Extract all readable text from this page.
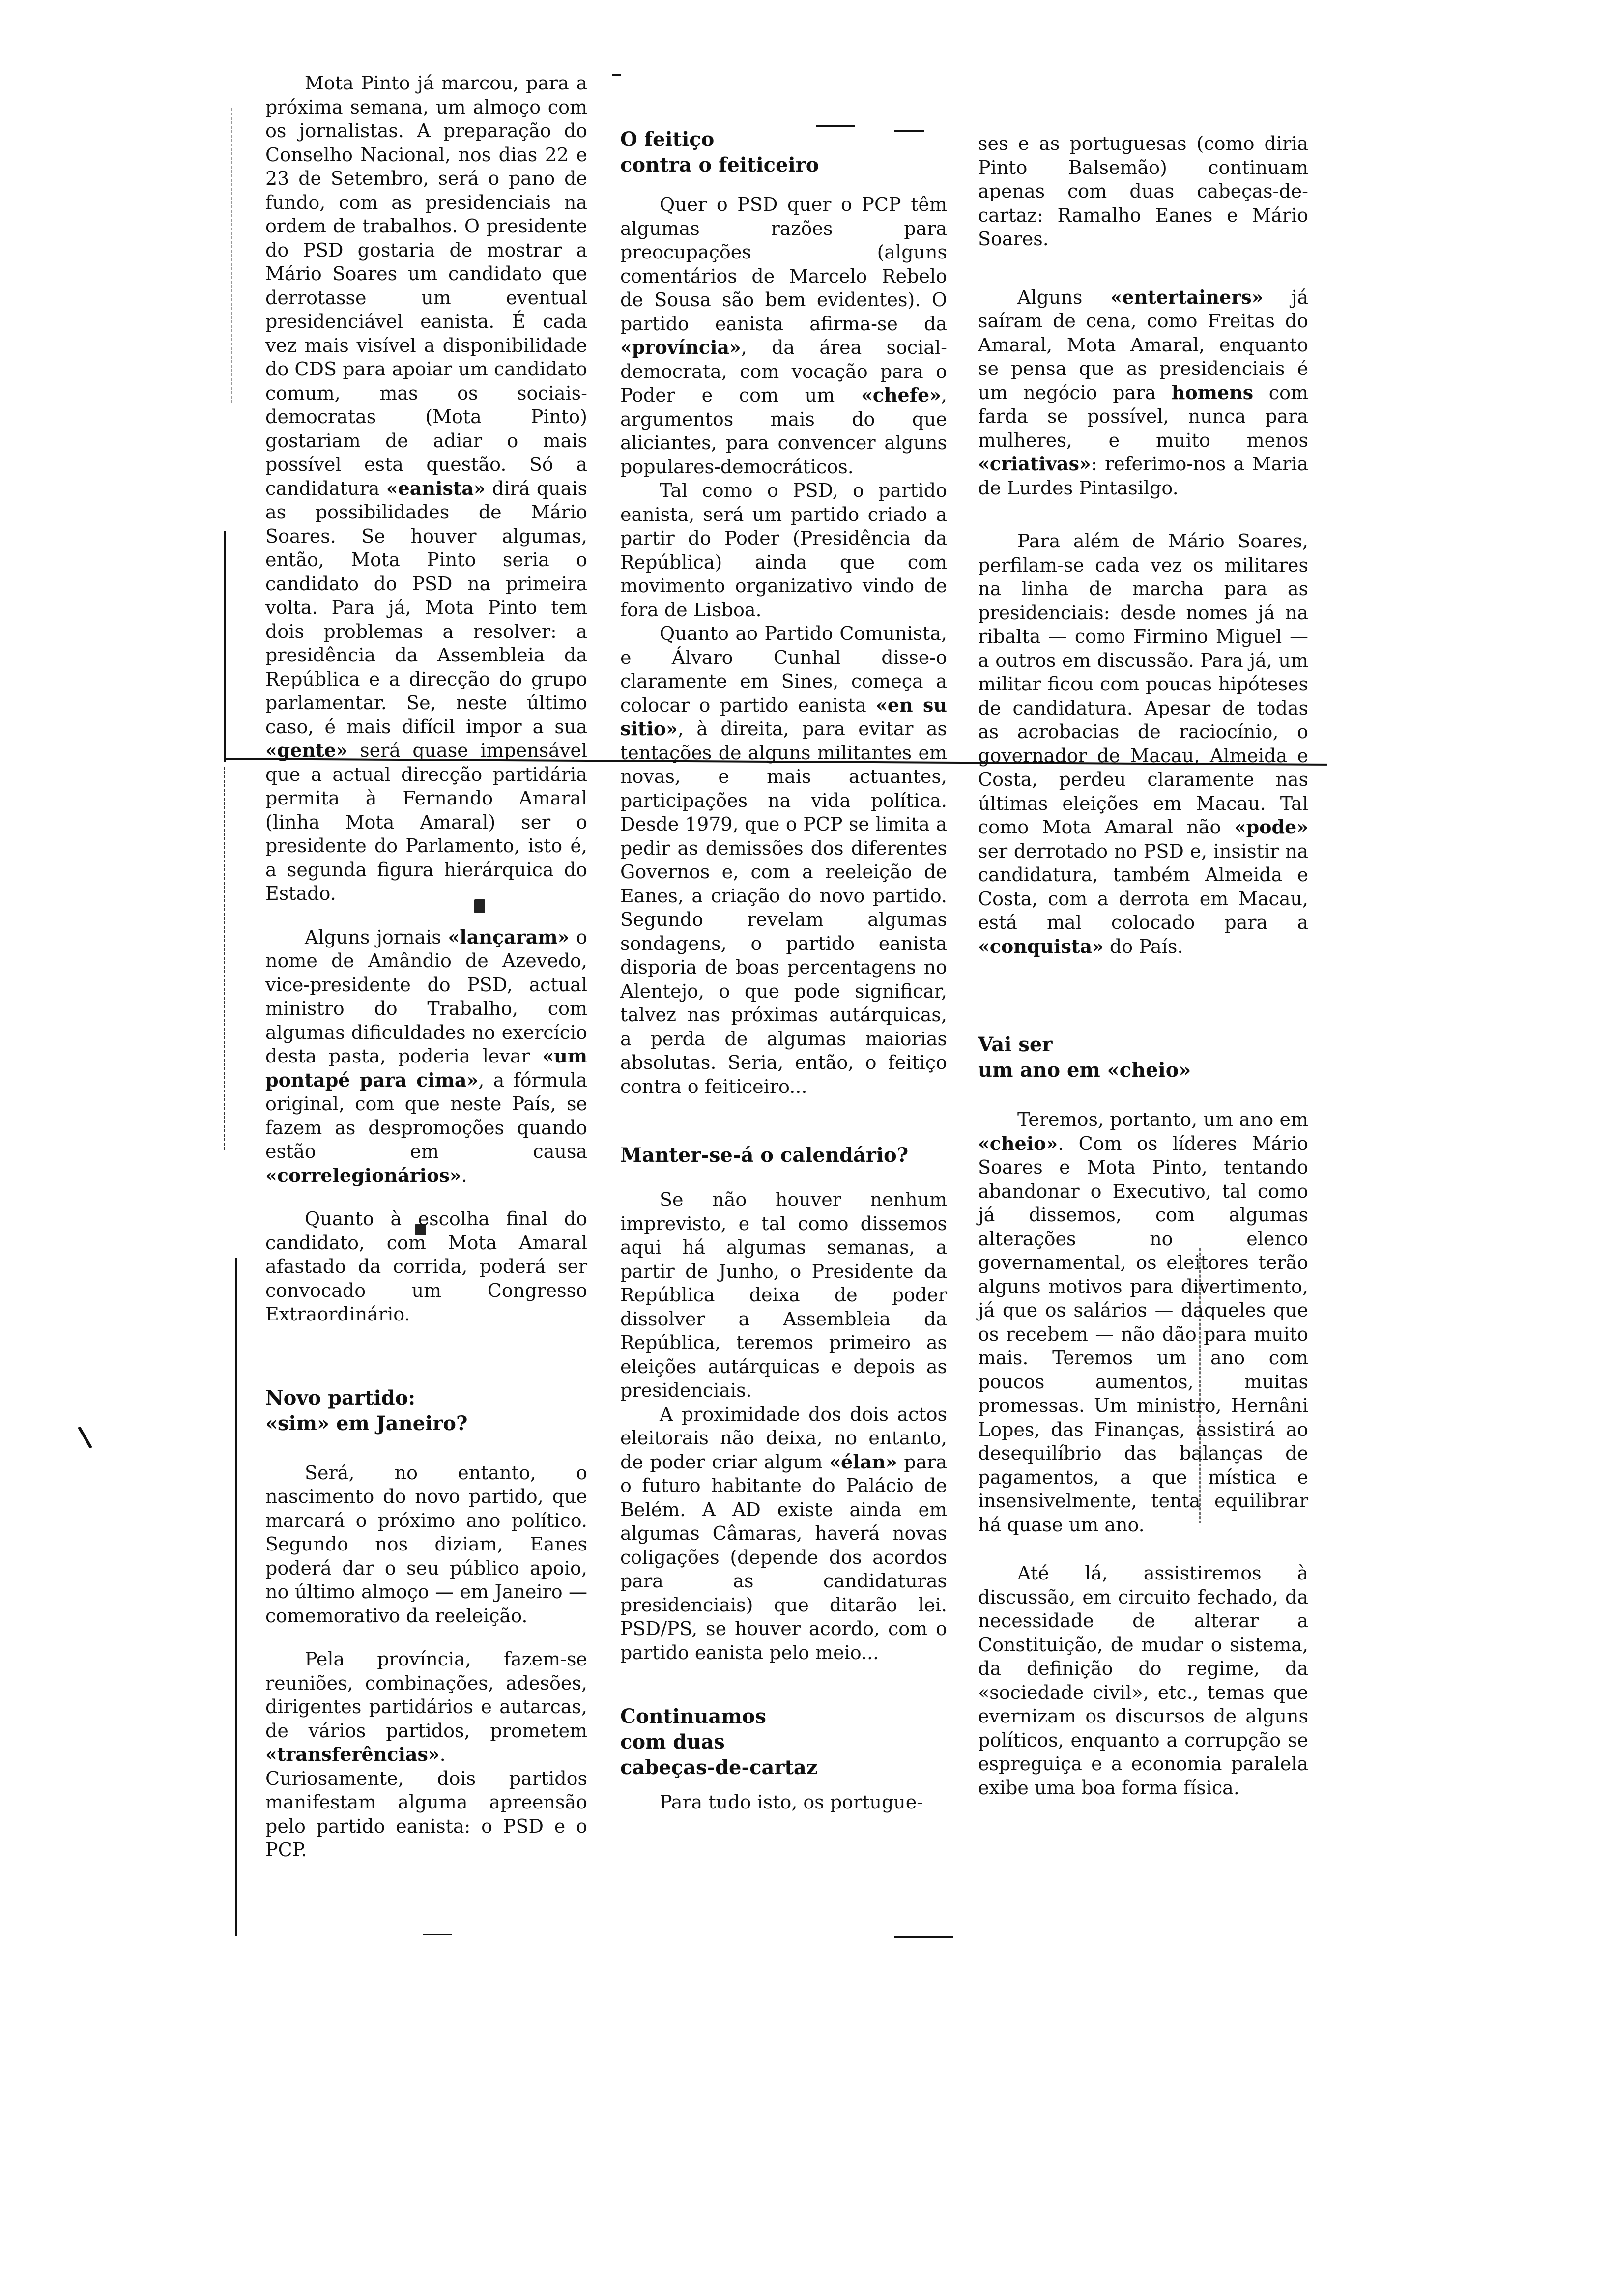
Mota Pinto já marcou, para a próxima semana, um almoço com os jornalistas. A preparação do Conselho Nacional, nos dias 22 e 23 de Setembro, será o pano de fundo, com as presidenciais na ordem de trabalhos. O presidente do PSD gostaria de mostrar a Mário Soares um candidato que derrotasse um eventual presidenciável eanista. É cada vez mais visível a disponibilidade do CDS para apoiar um candidato comum, mas os sociais-democratas (Mota Pinto) gostariam de adiar o mais possível esta questão. Só a candidatura «eanista» dirá quais as possibilidades de Mário Soares. Se houver algumas, então, Mota Pinto seria o candidato do PSD na primeira volta. Para já, Mota Pinto tem dois problemas a resolver: a presidência da Assembleia da República e a direcção do grupo parlamentar. Se, neste último caso, é mais difícil impor a sua «gente» será quase impensável que a actual direcção partidária permita à Fernando Amaral (linha Mota Amaral) ser o presidente do Parlamento, isto é, a segunda figura hierárquica do Estado.

Alguns jornais «lançaram» o nome de Amândio de Azevedo, vice-presidente do PSD, actual ministro do Trabalho, com algumas dificuldades no exercício desta pasta, poderia levar «um pontapé para cima», a fórmula original, com que neste País, se fazem as despromoções quando estão em causa «correlegionários».

Quanto à escolha final do candidato, com Mota Amaral afastado da corrida, poderá ser convocado um Congresso Extraordinário.

Novo partido:
«sim» em Janeiro?

Será, no entanto, o nascimento do novo partido, que marcará o próximo ano político. Segundo nos diziam, Eanes poderá dar o seu público apoio, no último almoço — em Janeiro — comemorativo da reeleição.

Pela província, fazem-se reuniões, combinações, adesões, dirigentes partidários e autarcas, de vários partidos, prometem «transferências». Curiosamente, dois partidos manifestam alguma apreensão pelo partido eanista: o PSD e o PCP.

O feitiço
contra o feiticeiro

Quer o PSD quer o PCP têm algumas razões para preocupações (alguns comentários de Marcelo Rebelo de Sousa são bem evidentes). O partido eanista afirma-se da «província», da área social-democrata, com vocação para o Poder e com um «chefe», argumentos mais do que aliciantes, para convencer alguns populares-democráticos.

Tal como o PSD, o partido eanista, será um partido criado a partir do Poder (Presidência da República) ainda que com movimento organizativo vindo de fora de Lisboa.

Quanto ao Partido Comunista, e Álvaro Cunhal disse-o claramente em Sines, começa a colocar o partido eanista «en su sitio», à direita, para evitar as tentações de alguns militantes em novas, e mais actuantes, participações na vida política. Desde 1979, que o PCP se limita a pedir as demissões dos diferentes Governos e, com a reeleição de Eanes, a criação do novo partido. Segundo revelam algumas sondagens, o partido eanista disporia de boas percentagens no Alentejo, o que pode significar, talvez nas próximas autárquicas, a perda de algumas maiorias absolutas. Seria, então, o feitiço contra o feiticeiro...

Manter-se-á o calendário?

Se não houver nenhum imprevisto, e tal como dissemos aqui há algumas semanas, a partir de Junho, o Presidente da República deixa de poder dissolver a Assembleia da República, teremos primeiro as eleições autárquicas e depois as presidenciais.

A proximidade dos dois actos eleitorais não deixa, no entanto, de poder criar algum «élan» para o futuro habitante do Palácio de Belém. A AD existe ainda em algumas Câmaras, haverá novas coligações (depende dos acordos para as candidaturas presidenciais) que ditarão lei. PSD/PS, se houver acordo, com o partido eanista pelo meio...

Continuamos
com duas
cabeças-de-cartaz

Para tudo isto, os portugue-

ses e as portuguesas (como diria Pinto Balsemão) continuam apenas com duas cabeças-de-cartaz: Ramalho Eanes e Mário Soares.

Alguns «entertainers» já saíram de cena, como Freitas do Amaral, Mota Amaral, enquanto se pensa que as presidenciais é um negócio para homens com farda se possível, nunca para mulheres, e muito menos «criativas»: referimo-nos a Maria de Lurdes Pintasilgo.

Para além de Mário Soares, perfilam-se cada vez os militares na linha de marcha para as presidenciais: desde nomes já na ribalta — como Firmino Miguel — a outros em discussão. Para já, um militar ficou com poucas hipóteses de candidatura. Apesar de todas as acrobacias de raciocínio, o governador de Macau, Almeida e Costa, perdeu claramente nas últimas eleições em Macau. Tal como Mota Amaral não «pode» ser derrotado no PSD e, insistir na candidatura, também Almeida e Costa, com a derrota em Macau, está mal colocado para a «conquista» do País.

Vai ser
um ano em «cheio»

Teremos, portanto, um ano em «cheio». Com os líderes Mário Soares e Mota Pinto, tentando abandonar o Executivo, tal como já dissemos, com algumas alterações no elenco governamental, os eleitores terão alguns motivos para divertimento, já que os salários — daqueles que os recebem — não dão para muito mais. Teremos um ano com poucos aumentos, muitas promessas. Um ministro, Hernâni Lopes, das Finanças, assistirá ao desequilíbrio das balanças de pagamentos, a que mística e insensivelmente, tenta equilibrar há quase um ano.

Até lá, assistiremos à discussão, em circuito fechado, da necessidade de alterar a Constituição, de mudar o sistema, da definição do regime, da «sociedade civil», etc., temas que evernizam os discursos de alguns políticos, enquanto a corrupção se espreguiça e a economia paralela exibe uma boa forma física.
